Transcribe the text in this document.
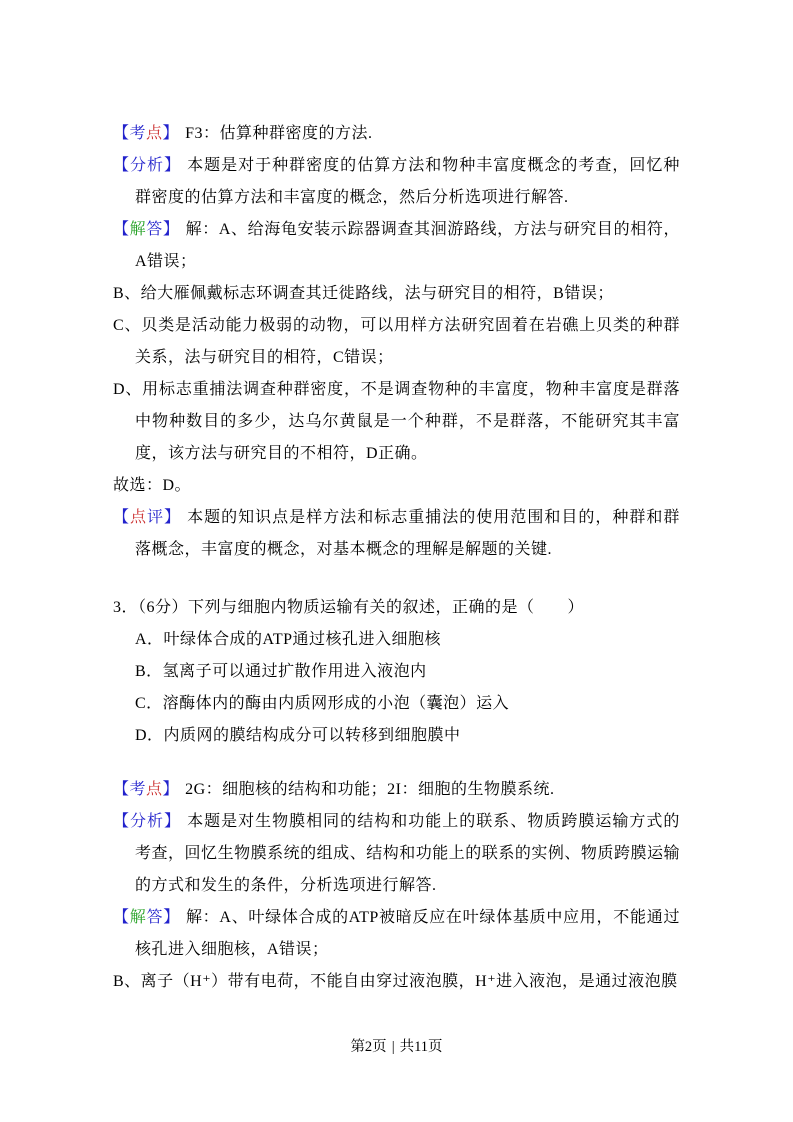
【考点】 F3：估算种群密度的方法.

【分析】 本题是对于种群密度的估算方法和物种丰富度概念的考查，回忆种群密度的估算方法和丰富度的概念，然后分析选项进行解答.

【解答】 解：A、给海龟安装示踪器调查其洄游路线，方法与研究目的相符，A错误；

B、给大雁佩戴标志环调查其迁徙路线，法与研究目的相符，B错误；

C、贝类是活动能力极弱的动物，可以用样方法研究固着在岩礁上贝类的种群关系，法与研究目的相符，C错误；

D、用标志重捕法调查种群密度，不是调查物种的丰富度，物种丰富度是群落中物种数目的多少，达乌尔黄鼠是一个种群，不是群落，不能研究其丰富度，该方法与研究目的不相符，D正确。

故选：D。

【点评】 本题的知识点是样方法和标志重捕法的使用范围和目的，种群和群落概念，丰富度的概念，对基本概念的理解是解题的关键.

3．（6分）下列与细胞内物质运输有关的叙述，正确的是（　　）

A．叶绿体合成的ATP通过核孔进入细胞核

B．氢离子可以通过扩散作用进入液泡内

C．溶酶体内的酶由内质网形成的小泡（囊泡）运入

D．内质网的膜结构成分可以转移到细胞膜中

【考点】 2G：细胞核的结构和功能；2I：细胞的生物膜系统.

【分析】 本题是对生物膜相同的结构和功能上的联系、物质跨膜运输方式的考查，回忆生物膜系统的组成、结构和功能上的联系的实例、物质跨膜运输的方式和发生的条件，分析选项进行解答.

【解答】 解：A、叶绿体合成的ATP被暗反应在叶绿体基质中应用，不能通过核孔进入细胞核，A错误；

B、离子（H⁺）带有电荷，不能自由穿过液泡膜，H⁺进入液泡，是通过液泡膜

第2页 | 共11页
